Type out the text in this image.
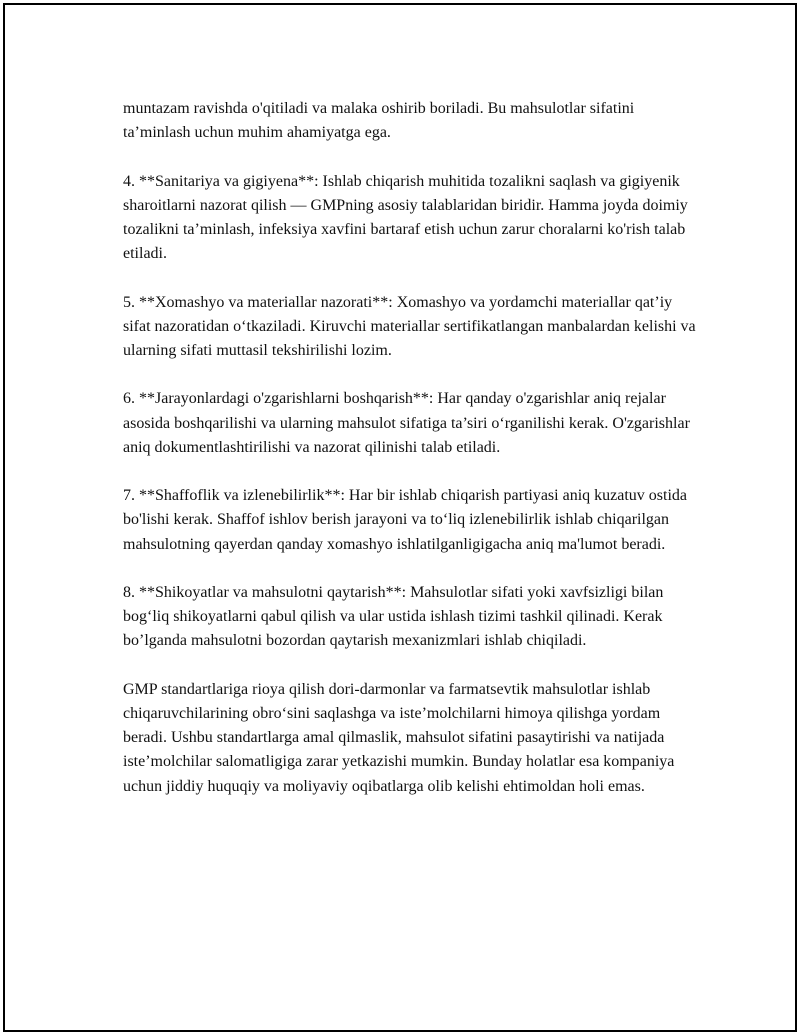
muntazam ravishda o'qitiladi va malaka oshirib boriladi. Bu mahsulotlar sifatini ta’minlash uchun muhim ahamiyatga ega.

4. **Sanitariya va gigiyena**: Ishlab chiqarish muhitida tozalikni saqlash va gigiyenik sharoitlarni nazorat qilish — GMPning asosiy talablaridan biridir. Hamma joyda doimiy tozalikni ta’minlash, infeksiya xavfini bartaraf etish uchun zarur choralarni ko'rish talab etiladi.

5. **Xomashyo va materiallar nazorati**: Xomashyo va yordamchi materiallar qat’iy sifat nazoratidan o‘tkaziladi. Kiruvchi materiallar sertifikatlangan manbalardan kelishi va ularning sifati muttasil tekshirilishi lozim.

6. **Jarayonlardagi o'zgarishlarni boshqarish**: Har qanday o'zgarishlar aniq rejalar asosida boshqarilishi va ularning mahsulot sifatiga ta’siri o‘rganilishi kerak. O'zgarishlar aniq dokumentlashtirilishi va nazorat qilinishi talab etiladi.

7. **Shaffoflik va izlenebilirlik**: Har bir ishlab chiqarish partiyasi aniq kuzatuv ostida bo'lishi kerak. Shaffof ishlov berish jarayoni va to‘liq izlenebilirlik ishlab chiqarilgan mahsulotning qayerdan qanday xomashyo ishlatilganligigacha aniq ma'lumot beradi.

8. **Shikoyatlar va mahsulotni qaytarish**: Mahsulotlar sifati yoki xavfsizligi bilan bog‘liq shikoyatlarni qabul qilish va ular ustida ishlash tizimi tashkil qilinadi. Kerak bo’lganda mahsulotni bozordan qaytarish mexanizmlari ishlab chiqiladi.

GMP standartlariga rioya qilish dori-darmonlar va farmatsevtik mahsulotlar ishlab chiqaruvchilarining obro‘sini saqlashga va iste’molchilarni himoya qilishga yordam beradi. Ushbu standartlarga amal qilmaslik, mahsulot sifatini pasaytirishi va natijada iste’molchilar salomatligiga zarar yetkazishi mumkin. Bunday holatlar esa kompaniya uchun jiddiy huquqiy va moliyaviy oqibatlarga olib kelishi ehtimoldan holi emas.
